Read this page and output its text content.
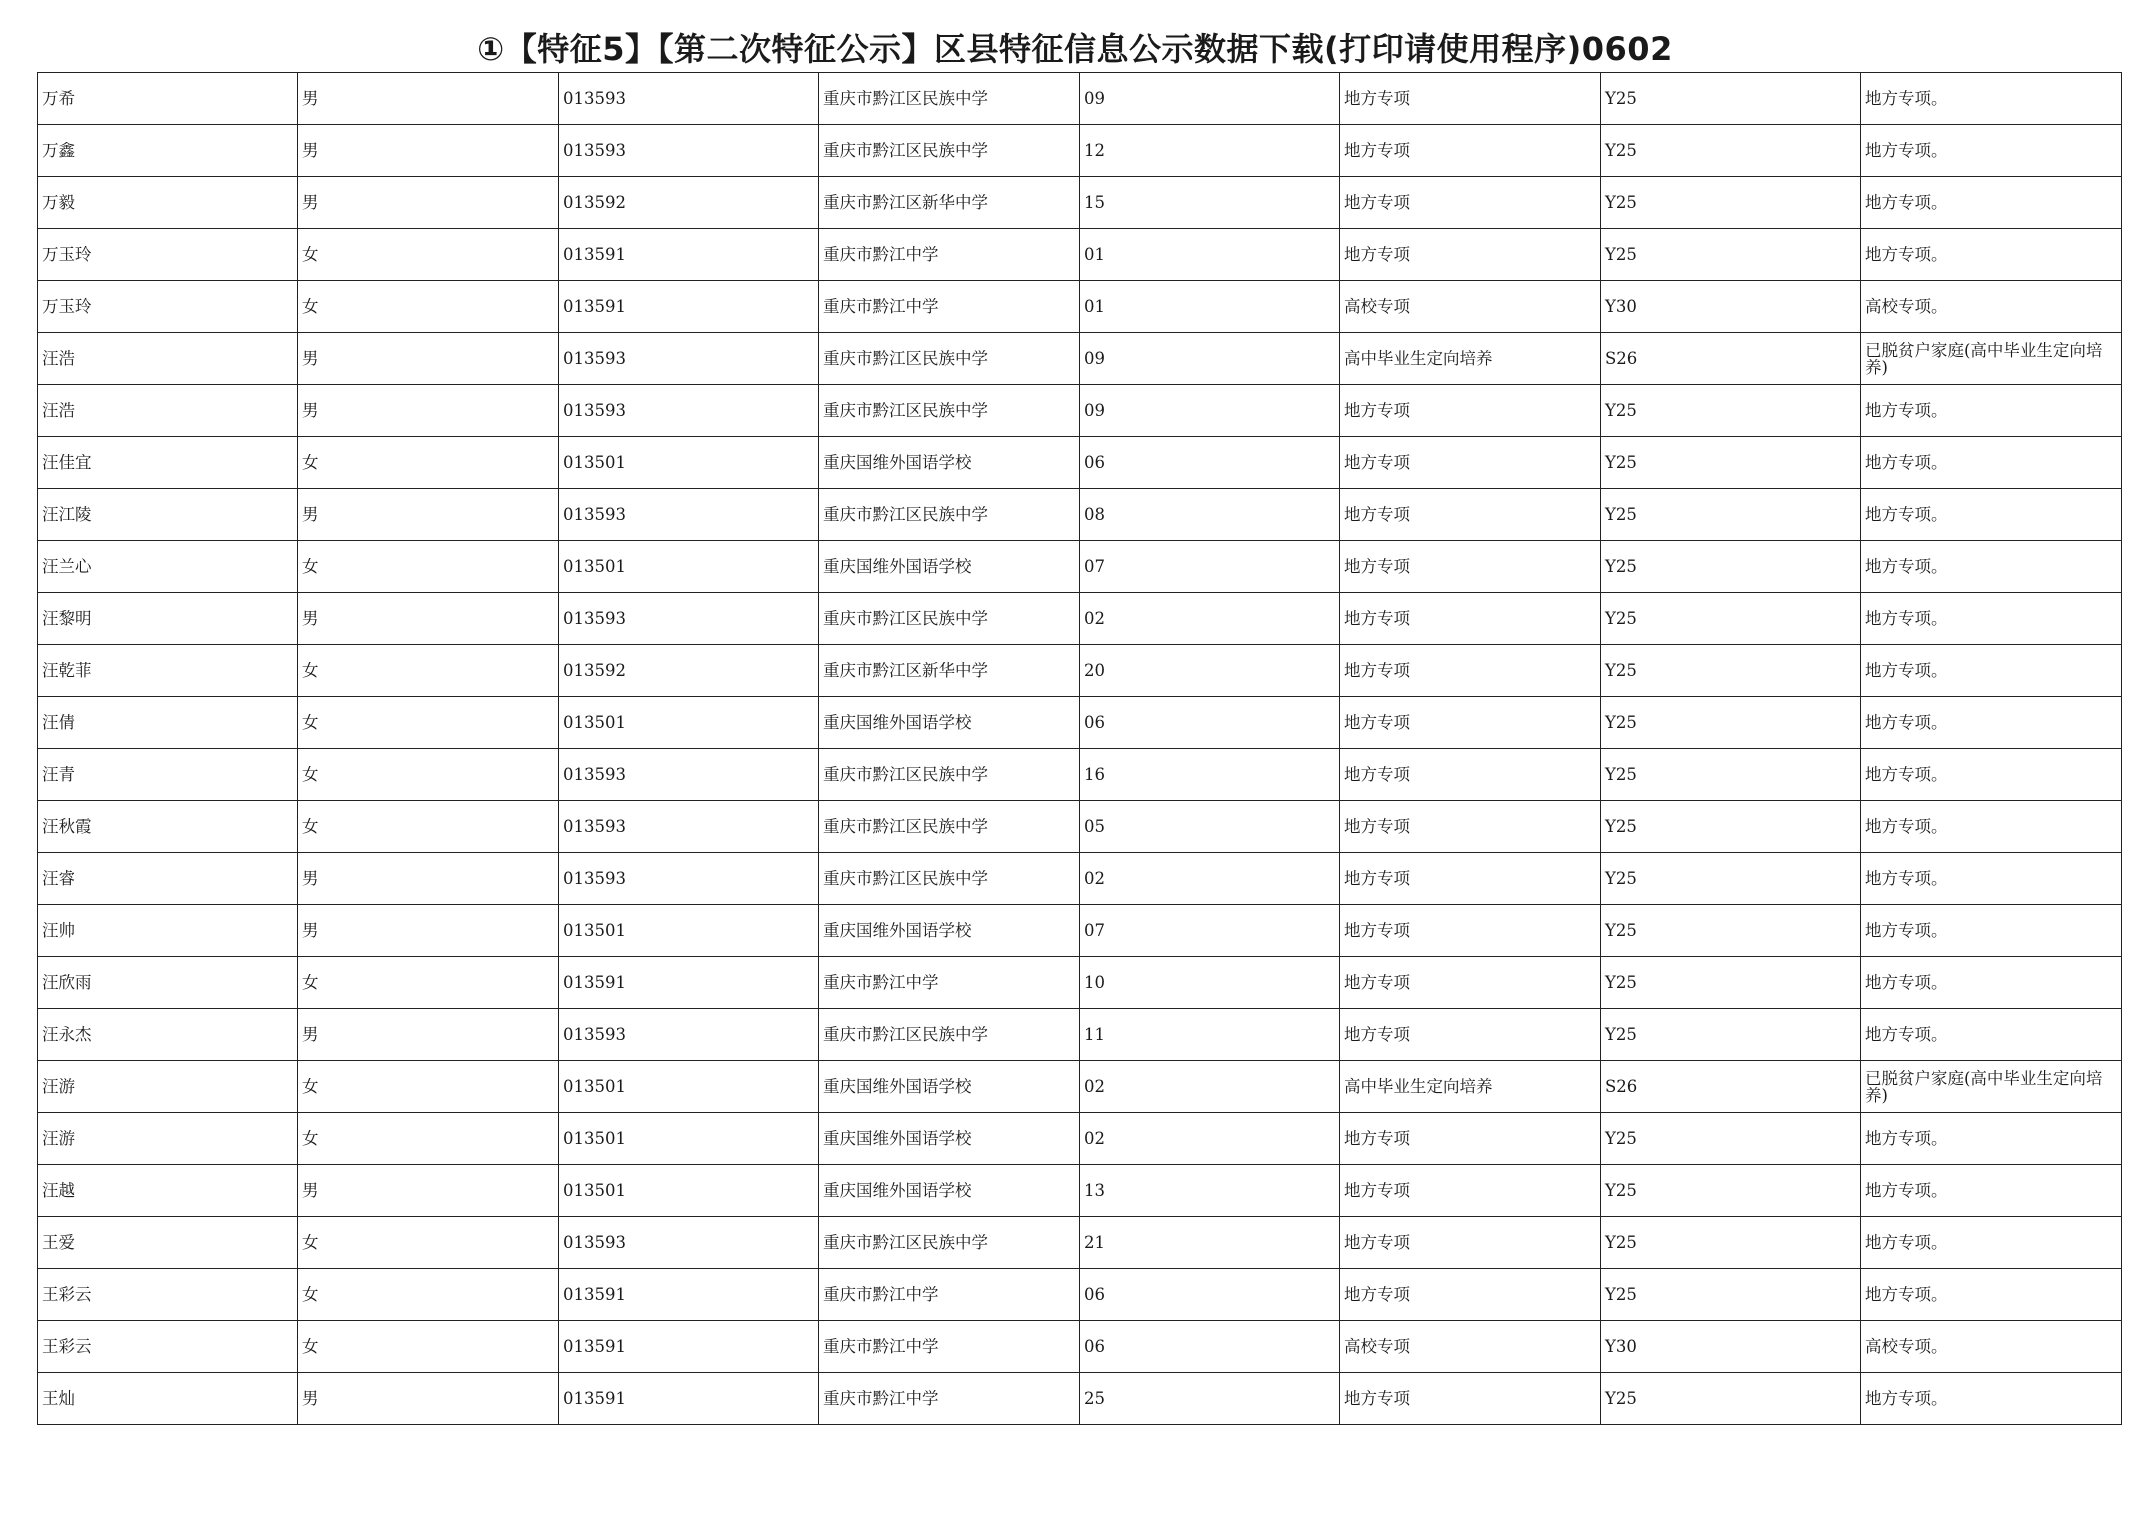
①【特征5】【第二次特征公示】区县特征信息公示数据下载(打印请使用程序)0602
万希	男	013593	重庆市黔江区民族中学	09	地方专项	Y25	地方专项。
万鑫	男	013593	重庆市黔江区民族中学	12	地方专项	Y25	地方专项。
万毅	男	013592	重庆市黔江区新华中学	15	地方专项	Y25	地方专项。
万玉玲	女	013591	重庆市黔江中学	01	地方专项	Y25	地方专项。
万玉玲	女	013591	重庆市黔江中学	01	高校专项	Y30	高校专项。
汪浩	男	013593	重庆市黔江区民族中学	09	高中毕业生定向培养	S26	已脱贫户家庭(高中毕业生定向培养)
汪浩	男	013593	重庆市黔江区民族中学	09	地方专项	Y25	地方专项。
汪佳宜	女	013501	重庆国维外国语学校	06	地方专项	Y25	地方专项。
汪江陵	男	013593	重庆市黔江区民族中学	08	地方专项	Y25	地方专项。
汪兰心	女	013501	重庆国维外国语学校	07	地方专项	Y25	地方专项。
汪黎明	男	013593	重庆市黔江区民族中学	02	地方专项	Y25	地方专项。
汪乾菲	女	013592	重庆市黔江区新华中学	20	地方专项	Y25	地方专项。
汪倩	女	013501	重庆国维外国语学校	06	地方专项	Y25	地方专项。
汪青	女	013593	重庆市黔江区民族中学	16	地方专项	Y25	地方专项。
汪秋霞	女	013593	重庆市黔江区民族中学	05	地方专项	Y25	地方专项。
汪睿	男	013593	重庆市黔江区民族中学	02	地方专项	Y25	地方专项。
汪帅	男	013501	重庆国维外国语学校	07	地方专项	Y25	地方专项。
汪欣雨	女	013591	重庆市黔江中学	10	地方专项	Y25	地方专项。
汪永杰	男	013593	重庆市黔江区民族中学	11	地方专项	Y25	地方专项。
汪游	女	013501	重庆国维外国语学校	02	高中毕业生定向培养	S26	已脱贫户家庭(高中毕业生定向培养)
汪游	女	013501	重庆国维外国语学校	02	地方专项	Y25	地方专项。
汪越	男	013501	重庆国维外国语学校	13	地方专项	Y25	地方专项。
王爱	女	013593	重庆市黔江区民族中学	21	地方专项	Y25	地方专项。
王彩云	女	013591	重庆市黔江中学	06	地方专项	Y25	地方专项。
王彩云	女	013591	重庆市黔江中学	06	高校专项	Y30	高校专项。
王灿	男	013591	重庆市黔江中学	25	地方专项	Y25	地方专项。
